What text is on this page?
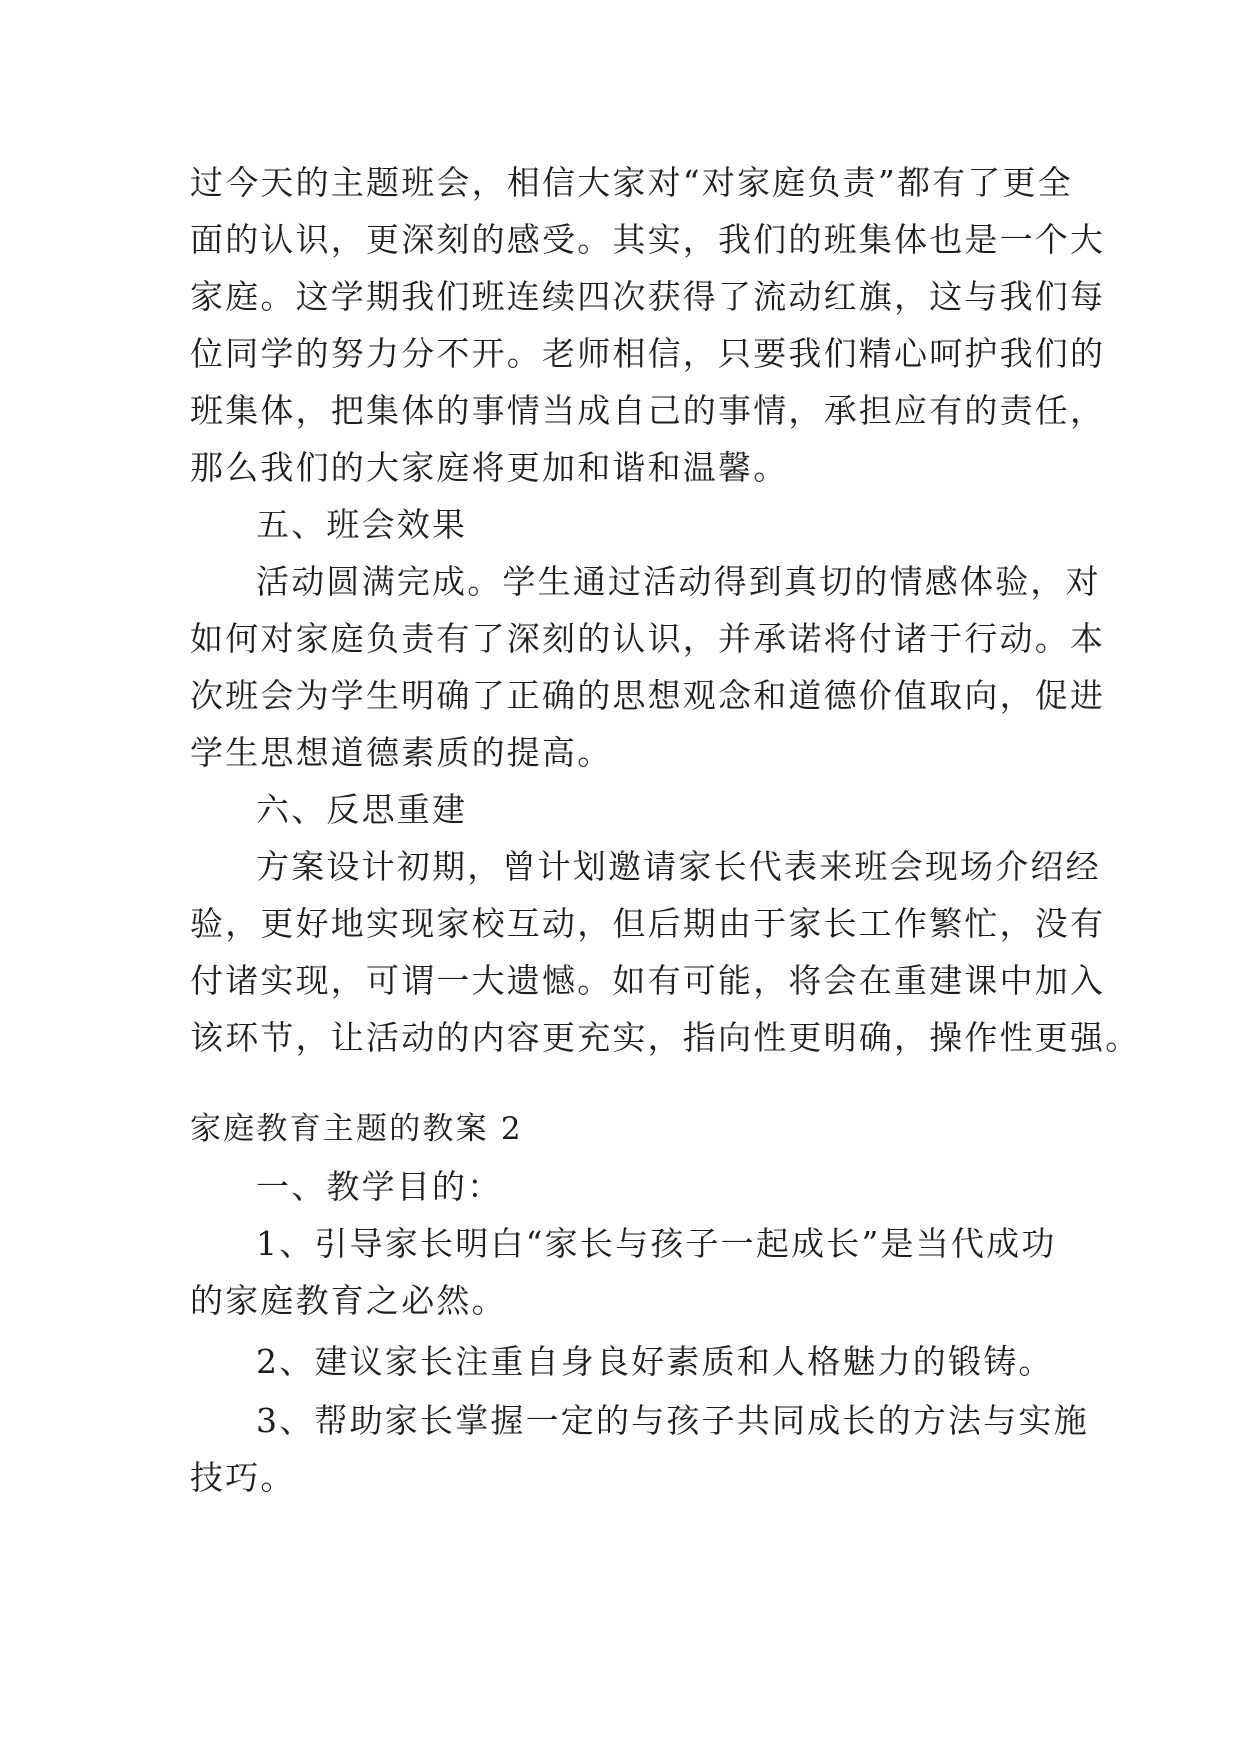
过今天的主题班会，相信大家对“对家庭负责”都有了更全
面的认识，更深刻的感受。其实，我们的班集体也是一个大
家庭。这学期我们班连续四次获得了流动红旗，这与我们每
位同学的努力分不开。老师相信，只要我们精心呵护我们的
班集体，把集体的事情当成自己的事情，承担应有的责任，
那么我们的大家庭将更加和谐和温馨。
五、班会效果
活动圆满完成。学生通过活动得到真切的情感体验，对
如何对家庭负责有了深刻的认识，并承诺将付诸于行动。本
次班会为学生明确了正确的思想观念和道德价值取向，促进
学生思想道德素质的提高。
六、反思重建
方案设计初期，曾计划邀请家长代表来班会现场介绍经
验，更好地实现家校互动，但后期由于家长工作繁忙，没有
付诸实现，可谓一大遗憾。如有可能，将会在重建课中加入
该环节，让活动的内容更充实，指向性更明确，操作性更强。
家庭教育主题的教案 2
一、教学目的：
1、引导家长明白“家长与孩子一起成长”是当代成功
的家庭教育之必然。
2、建议家长注重自身良好素质和人格魅力的锻铸。
3、帮助家长掌握一定的与孩子共同成长的方法与实施
技巧。
